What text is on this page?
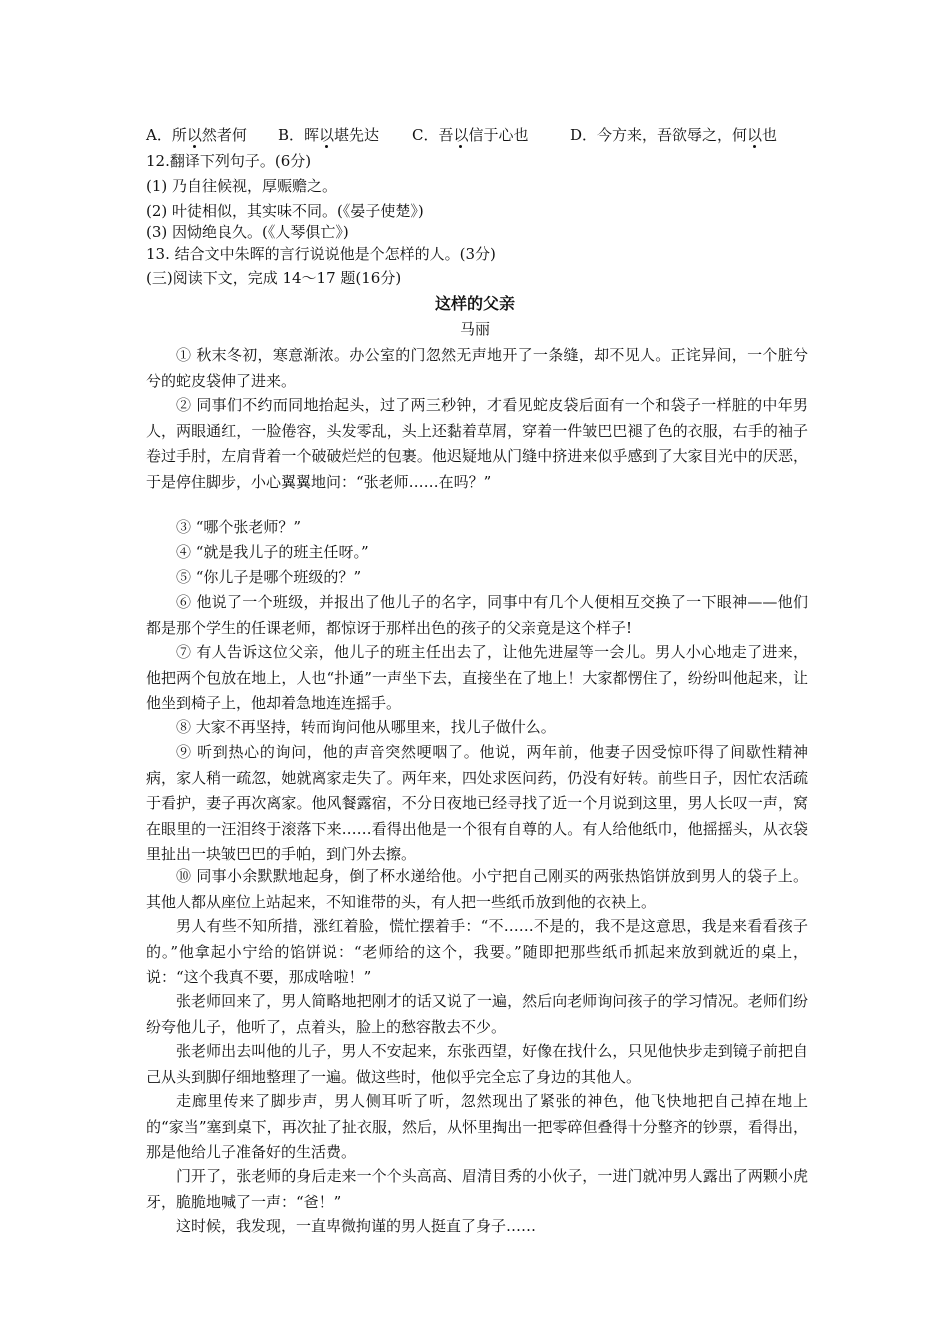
A．所以然者何 B．晖以堪先达 C．吾以信于心也	D．今方来，吾欲辱之，何以也
12.翻译下列句子。(6分)
(1) 乃自往候视，厚赈赡之。
(2) 叶徒相似，其实味不同。(《晏子使楚》)
(3) 因恸绝良久。(《人琴俱亡》)
13. 结合文中朱晖的言行说说他是个怎样的人。(3分)
(三)阅读下文，完成 14～17 题(16分)
这样的父亲
马丽
① 秋末冬初，寒意渐浓。办公室的门忽然无声地开了一条缝，却不见人。正诧异间，一个脏兮兮的蛇皮袋伸了进来。
② 同事们不约而同地抬起头，过了两三秒钟，才看见蛇皮袋后面有一个和袋子一样脏的中年男人，两眼通红，一脸倦容，头发零乱，头上还黏着草屑，穿着一件皱巴巴褪了色的衣服，右手的袖子卷过手肘，左肩背着一个破破烂烂的包裹。他迟疑地从门缝中挤进来似乎感到了大家目光中的厌恶，于是停住脚步，小心翼翼地问：“张老师……在吗？”
③ “哪个张老师？”
④ “就是我儿子的班主任呀。”
⑤ “你儿子是哪个班级的？”
⑥ 他说了一个班级，并报出了他儿子的名字，同事中有几个人便相互交换了一下眼神——他们都是那个学生的任课老师，都惊讶于那样出色的孩子的父亲竟是这个样子!
⑦ 有人告诉这位父亲，他儿子的班主任出去了，让他先进屋等一会儿。男人小心地走了进来，他把两个包放在地上，人也“扑通”一声坐下去，直接坐在了地上！大家都愣住了，纷纷叫他起来，让他坐到椅子上，他却着急地连连摇手。
⑧ 大家不再坚持，转而询问他从哪里来，找儿子做什么。
⑨ 听到热心的询问，他的声音突然哽咽了。他说，两年前，他妻子因受惊吓得了间歇性精神病，家人稍一疏忽，她就离家走失了。两年来，四处求医问药，仍没有好转。前些日子，因忙农活疏于看护，妻子再次离家。他风餐露宿，不分日夜地已经寻找了近一个月说到这里，男人长叹一声，窝在眼里的一汪泪终于滚落下来……看得出他是一个很有自尊的人。有人给他纸巾，他摇摇头，从衣袋里扯出一块皱巴巴的手帕，到门外去擦。
⑩ 同事小余默默地起身，倒了杯水递给他。小宁把自己刚买的两张热馅饼放到男人的袋子上。其他人都从座位上站起来，不知谁带的头，有人把一些纸币放到他的衣袂上。
男人有些不知所措，涨红着脸，慌忙摆着手：“不……不是的，我不是这意思，我是来看看孩子的。”他拿起小宁给的馅饼说：“老师给的这个，我要。”随即把那些纸币抓起来放到就近的桌上，说：“这个我真不要，那成啥啦！”
张老师回来了，男人简略地把刚才的话又说了一遍，然后向老师询问孩子的学习情况。老师们纷纷夸他儿子，他听了，点着头，脸上的愁容散去不少。
张老师出去叫他的儿子，男人不安起来，东张西望，好像在找什么，只见他快步走到镜子前把自己从头到脚仔细地整理了一遍。做这些时，他似乎完全忘了身边的其他人。
走廊里传来了脚步声，男人侧耳听了听，忽然现出了紧张的神色，他飞快地把自己掉在地上的“家当”塞到桌下，再次扯了扯衣服，然后，从怀里掏出一把零碎但叠得十分整齐的钞票，看得出，那是他给儿子准备好的生活费。
门开了，张老师的身后走来一个个头高高、眉清目秀的小伙子，一进门就冲男人露出了两颗小虎牙，脆脆地喊了一声：“爸！”
这时候，我发现，一直卑微拘谨的男人挺直了身子……
